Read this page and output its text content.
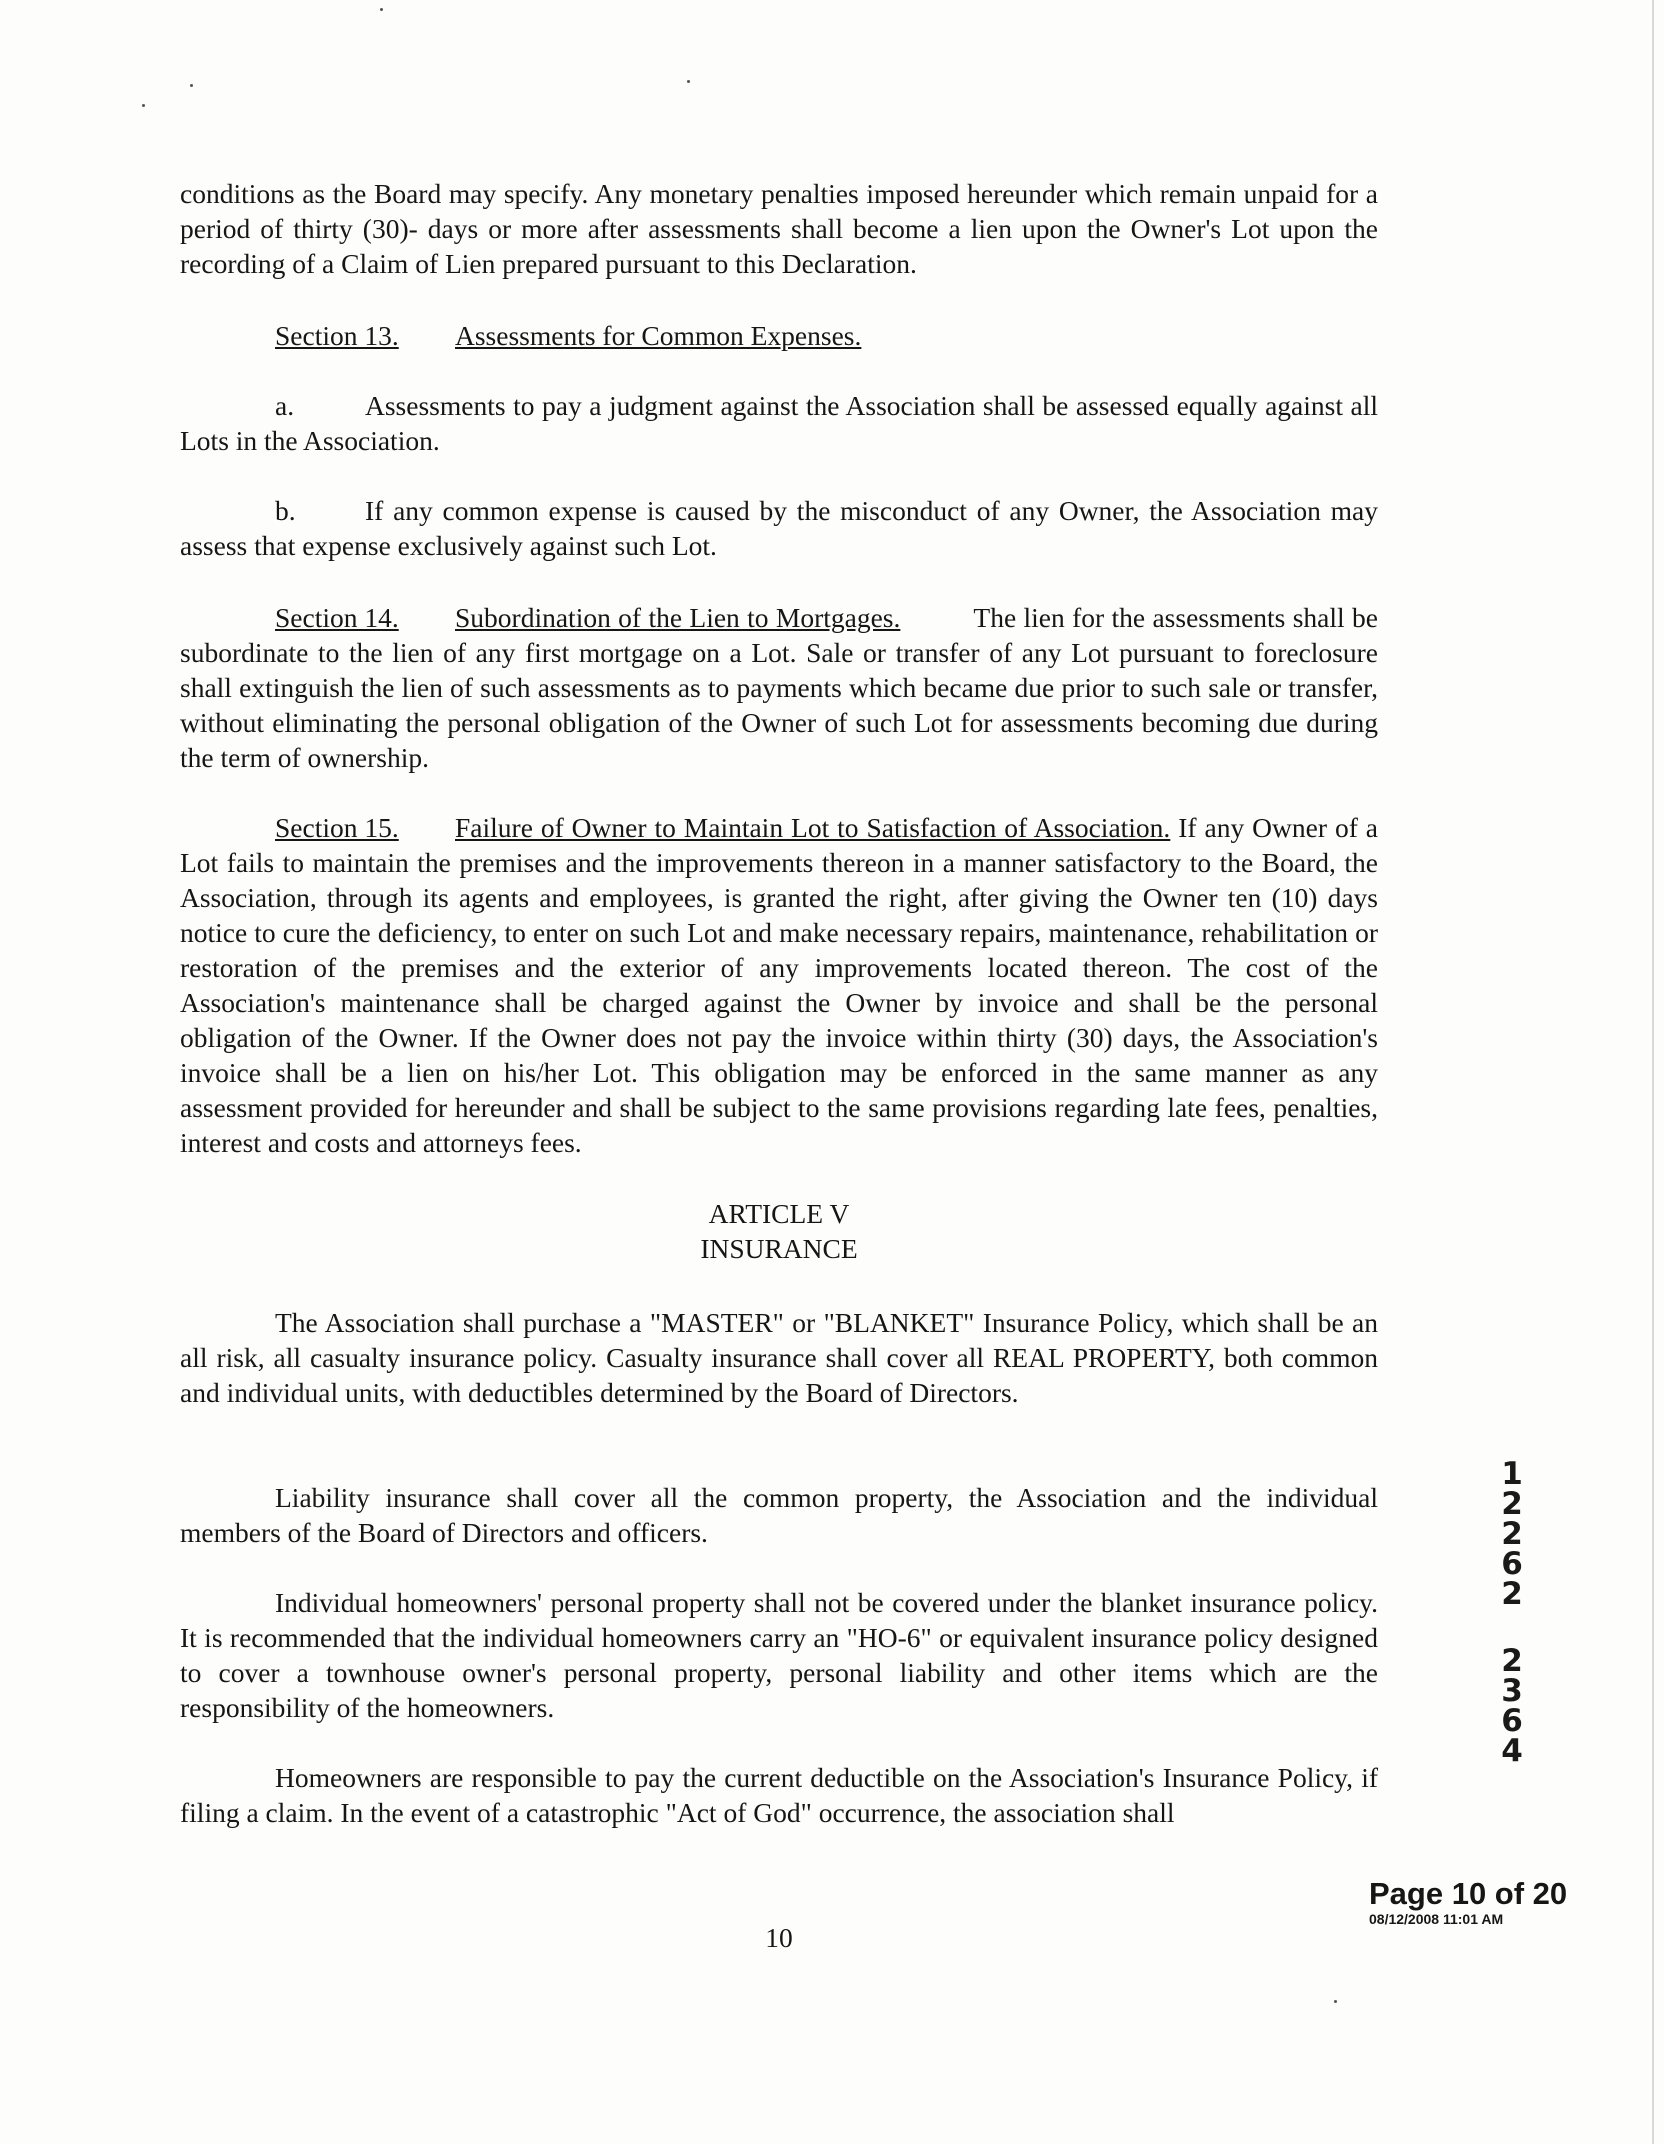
conditions as the Board may specify. Any monetary penalties imposed hereunder which remain unpaid for a period of thirty (30)- days or more after assessments shall become a lien upon the Owner's Lot upon the recording of a Claim of Lien prepared pursuant to this Declaration.

Section 13. Assessments for Common Expenses.

a.	Assessments to pay a judgment against the Association shall be assessed equally against all Lots in the Association.

b.	If any common expense is caused by the misconduct of any Owner, the Association may assess that expense exclusively against such Lot.

Section 14. Subordination of the Lien to Mortgages.	The lien for the assessments shall be subordinate to the lien of any first mortgage on a Lot. Sale or transfer of any Lot pursuant to foreclosure shall extinguish the lien of such assessments as to payments which became due prior to such sale or transfer, without eliminating the personal obligation of the Owner of such Lot for assessments becoming due during the term of ownership.

Section 15. Failure of Owner to Maintain Lot to Satisfaction of Association. If any Owner of a Lot fails to maintain the premises and the improvements thereon in a manner satisfactory to the Board, the Association, through its agents and employees, is granted the right, after giving the Owner ten (10) days notice to cure the deficiency, to enter on such Lot and make necessary repairs, maintenance, rehabilitation or restoration of the premises and the exterior of any improvements located thereon. The cost of the Association's maintenance shall be charged against the Owner by invoice and shall be the personal obligation of the Owner. If the Owner does not pay the invoice within thirty (30) days, the Association's invoice shall be a lien on his/her Lot. This obligation may be enforced in the same manner as any assessment provided for hereunder and shall be subject to the same provisions regarding late fees, penalties, interest and costs and attorneys fees.

ARTICLE V

INSURANCE

The Association shall purchase a "MASTER" or "BLANKET" Insurance Policy, which shall be an all risk, all casualty insurance policy. Casualty insurance shall cover all REAL PROPERTY, both common and individual units, with deductibles determined by the Board of Directors.

Liability insurance shall cover all the common property, the Association and the individual members of the Board of Directors and officers.

Individual homeowners' personal property shall not be covered under the blanket insurance policy. It is recommended that the individual homeowners carry an "HO-6" or equivalent insurance policy designed to cover a townhouse owner's personal property, personal liability and other items which are the responsibility of the homeowners.

Homeowners are responsible to pay the current deductible on the Association's Insurance Policy, if filing a claim. In the event of a catastrophic "Act of God" occurrence, the association shall

1
2
2
6
2
2
3
6
4
Page 10 of 20
08/12/2008 11:01 AM
10
